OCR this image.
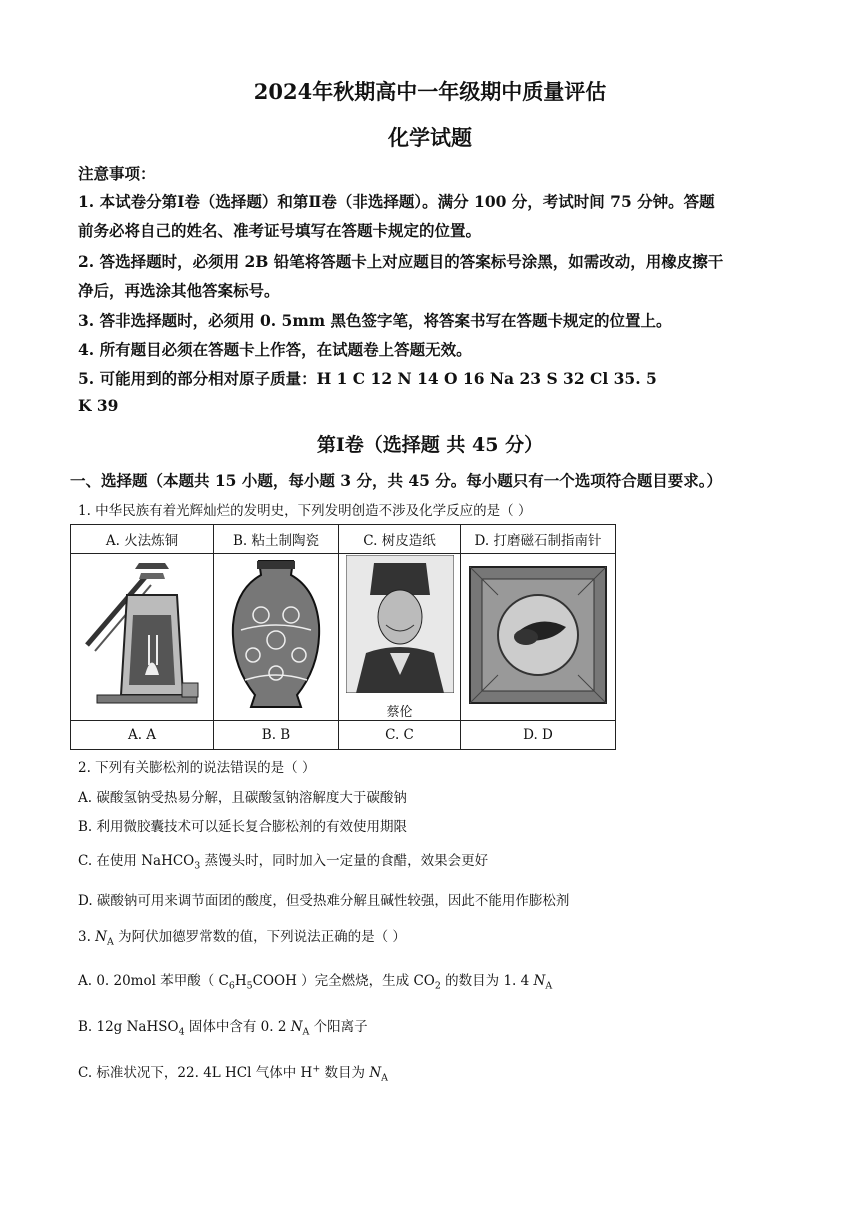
2024年秋期高中一年级期中质量评估
化学试题
注意事项：
1. 本试卷分第Ⅰ卷（选择题）和第Ⅱ卷（非选择题）。满分 100 分，考试时间 75 分钟。答题
前务必将自己的姓名、准考证号填写在答题卡规定的位置。
2. 答选择题时，必须用 2B 铅笔将答题卡上对应题目的答案标号涂黑，如需改动，用橡皮擦干
净后，再选涂其他答案标号。
3. 答非选择题时，必须用 0. 5mm 黑色签字笔，将答案书写在答题卡规定的位置上。
4. 所有题目必须在答题卡上作答，在试题卷上答题无效。
5. 可能用到的部分相对原子质量：H 1 C 12 N 14 O 16 Na 23 S 32 Cl 35. 5
K 39
第Ⅰ卷（选择题 共 45 分）
一、选择题（本题共 15 小题，每小题 3 分，共 45 分。每小题只有一个选项符合题目要求。）
1. 中华民族有着光辉灿烂的发明史，下列发明创造不涉及化学反应的是（ ）
A. 火法炼铜	B. 粘土制陶瓷	C. 树皮造纸	D. 打磨磁石制指南针

蔡伦

A. A	B. B	C. C	D. D
2. 下列有关膨松剂的说法错误的是（ ）
A. 碳酸氢钠受热易分解，且碳酸氢钠溶解度大于碳酸钠
B. 利用微胶囊技术可以延长复合膨松剂的有效使用期限
C. 在使用 NaHCO$_3$ 蒸馒头时，同时加入一定量的食醋，效果会更好
D. 碳酸钠可用来调节面团的酸度，但受热难分解且碱性较强，因此不能用作膨松剂
3. $N_A$ 为阿伏加德罗常数的值，下列说法正确的是（ ）
A. 0. 20mol 苯甲酸（ $C_6H_5COOH$ ）完全燃烧，生成 $CO_2$ 的数目为 1. 4 $N_A$
B. 12g NaHSO$_4$ 固体中含有 0. 2 $N_A$ 个阳离子
C. 标准状况下，22. 4L HCl 气体中 H+ 数目为 $N_A$
